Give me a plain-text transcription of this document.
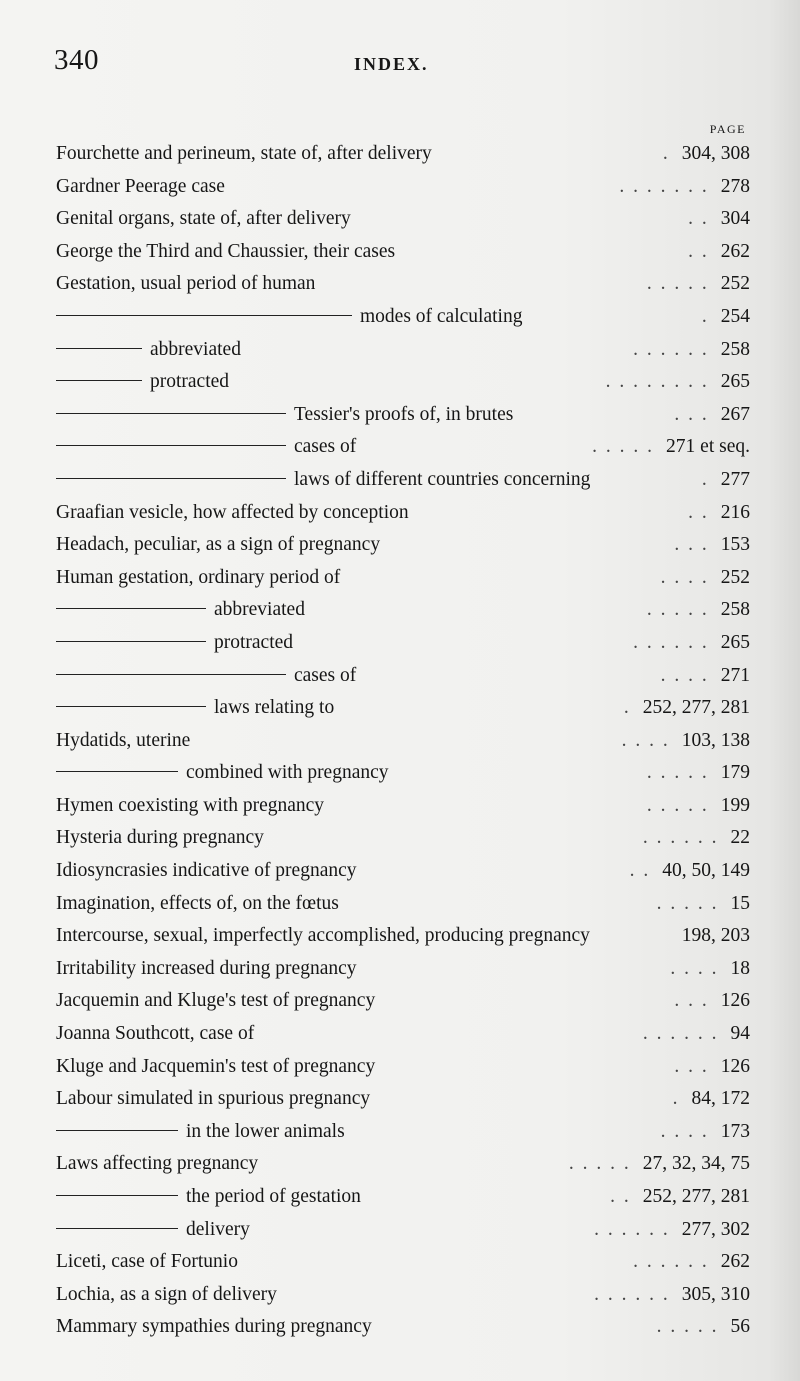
340	INDEX.
PAGE
Fourchette and perineum, state of, after delivery	. 304, 308
Gardner Peerage case	. . . . . . . 278
Genital organs, state of, after delivery	. . 304
George the Third and Chaussier, their cases	. . 262
Gestation, usual period of human	. . . . . 252
modes of calculating	. 254
abbreviated	. . . . . . 258
protracted	. . . . . . . . 265
Tessier's proofs of, in brutes	. . . 267
cases of	. . . . . 271 et seq.
laws of different countries concerning	. 277
Graafian vesicle, how affected by conception	. . 216
Headach, peculiar, as a sign of pregnancy	. . . 153
Human gestation, ordinary period of	. . . . 252
abbreviated	. . . . . 258
protracted	. . . . . . 265
cases of	. . . . 271
laws relating to	. 252, 277, 281
Hydatids, uterine	. . . . 103, 138
combined with pregnancy	. . . . . 179
Hymen coexisting with pregnancy	. . . . . 199
Hysteria during pregnancy	. . . . . . 22
Idiosyncrasies indicative of pregnancy	. . 40, 50, 149
Imagination, effects of, on the fœtus	. . . . . 15
Intercourse, sexual, imperfectly accomplished, producing pregnancy	198, 203
Irritability increased during pregnancy	. . . . 18
Jacquemin and Kluge's test of pregnancy	. . . 126
Joanna Southcott, case of	. . . . . . 94
Kluge and Jacquemin's test of pregnancy	. . . 126
Labour simulated in spurious pregnancy	. 84, 172
in the lower animals	. . . . 173
Laws affecting pregnancy	. . . . . 27, 32, 34, 75
the period of gestation	. . 252, 277, 281
delivery	. . . . . . 277, 302
Liceti, case of Fortunio	. . . . . . 262
Lochia, as a sign of delivery	. . . . . . 305, 310
Mammary sympathies during pregnancy	. . . . . 56
